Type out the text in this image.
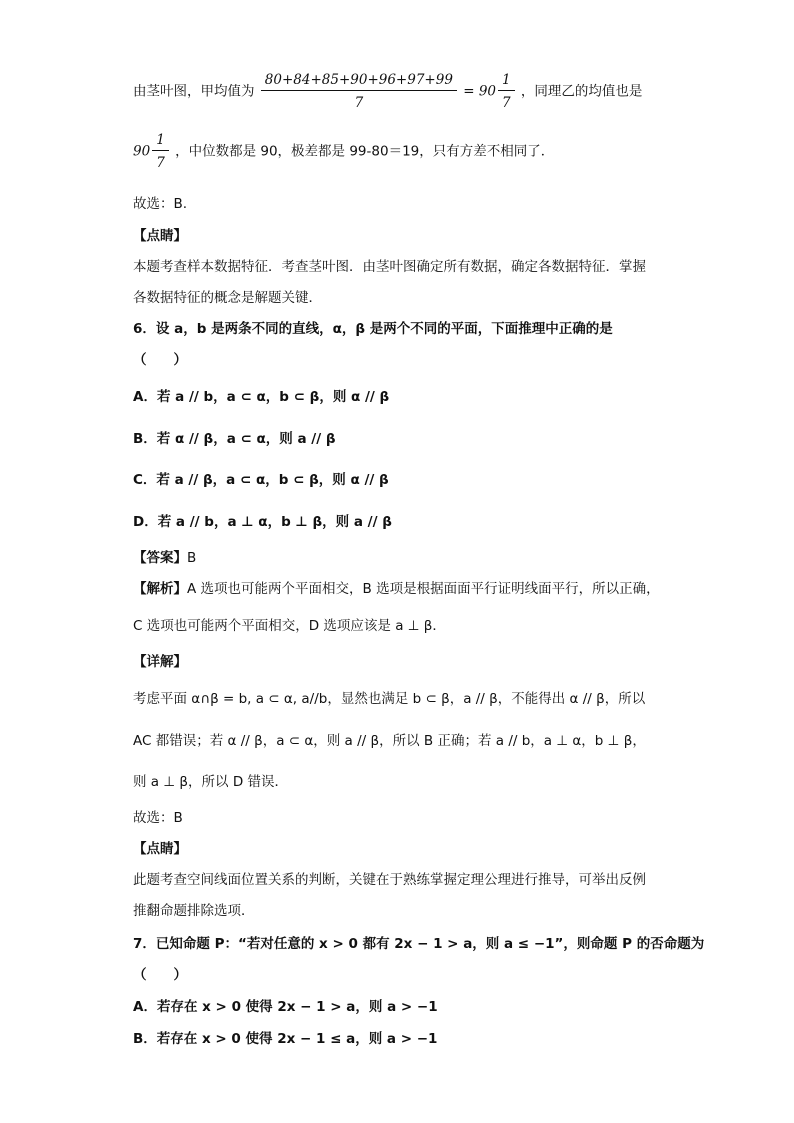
由茎叶图，甲均值为 $\frac{80+84+85+90+96+97+99}{7} = 90 \frac{1}{7}$ ，同理乙的均值也是
$90 \frac{1}{7}$ ，中位数都是 90，极差都是 99-80＝19，只有方差不相同了．
故选：B.
【点睛】
本题考查样本数据特征．考查茎叶图．由茎叶图确定所有数据，确定各数据特征．掌握
各数据特征的概念是解题关键．
6．设 a，b 是两条不同的直线，α，β 是两个不同的平面，下面推理中正确的是
（　　）
A．若 a // b，a ⊂ α，b ⊂ β，则 α // β
B．若 α // β，a ⊂ α，则 a // β
C．若 a // β，a ⊂ α，b ⊂ β，则 α // β
D．若 a // b，a ⊥ α，b ⊥ β，则 a // β
【答案】B
【解析】A 选项也可能两个平面相交，B 选项是根据面面平行证明线面平行，所以正确，
C 选项也可能两个平面相交，D 选项应该是 a ⊥ β．
【详解】
考虑平面 α∩β = b, a ⊂ α, a//b，显然也满足 b ⊂ β，a // β，不能得出 α // β，所以
AC 都错误；若 α // β，a ⊂ α，则 a // β，所以 B 正确；若 a // b，a ⊥ α，b ⊥ β，
则 a ⊥ β，所以 D 错误．
故选：B
【点睛】
此题考查空间线面位置关系的判断，关键在于熟练掌握定理公理进行推导，可举出反例
推翻命题排除选项．
7．已知命题 P：“若对任意的 x > 0 都有 2x − 1 > a，则 a ≤ −1”，则命题 P 的否命题为
（　　）
A．若存在 x > 0 使得 2x − 1 > a，则 a > −1
B．若存在 x > 0 使得 2x − 1 ≤ a，则 a > −1
